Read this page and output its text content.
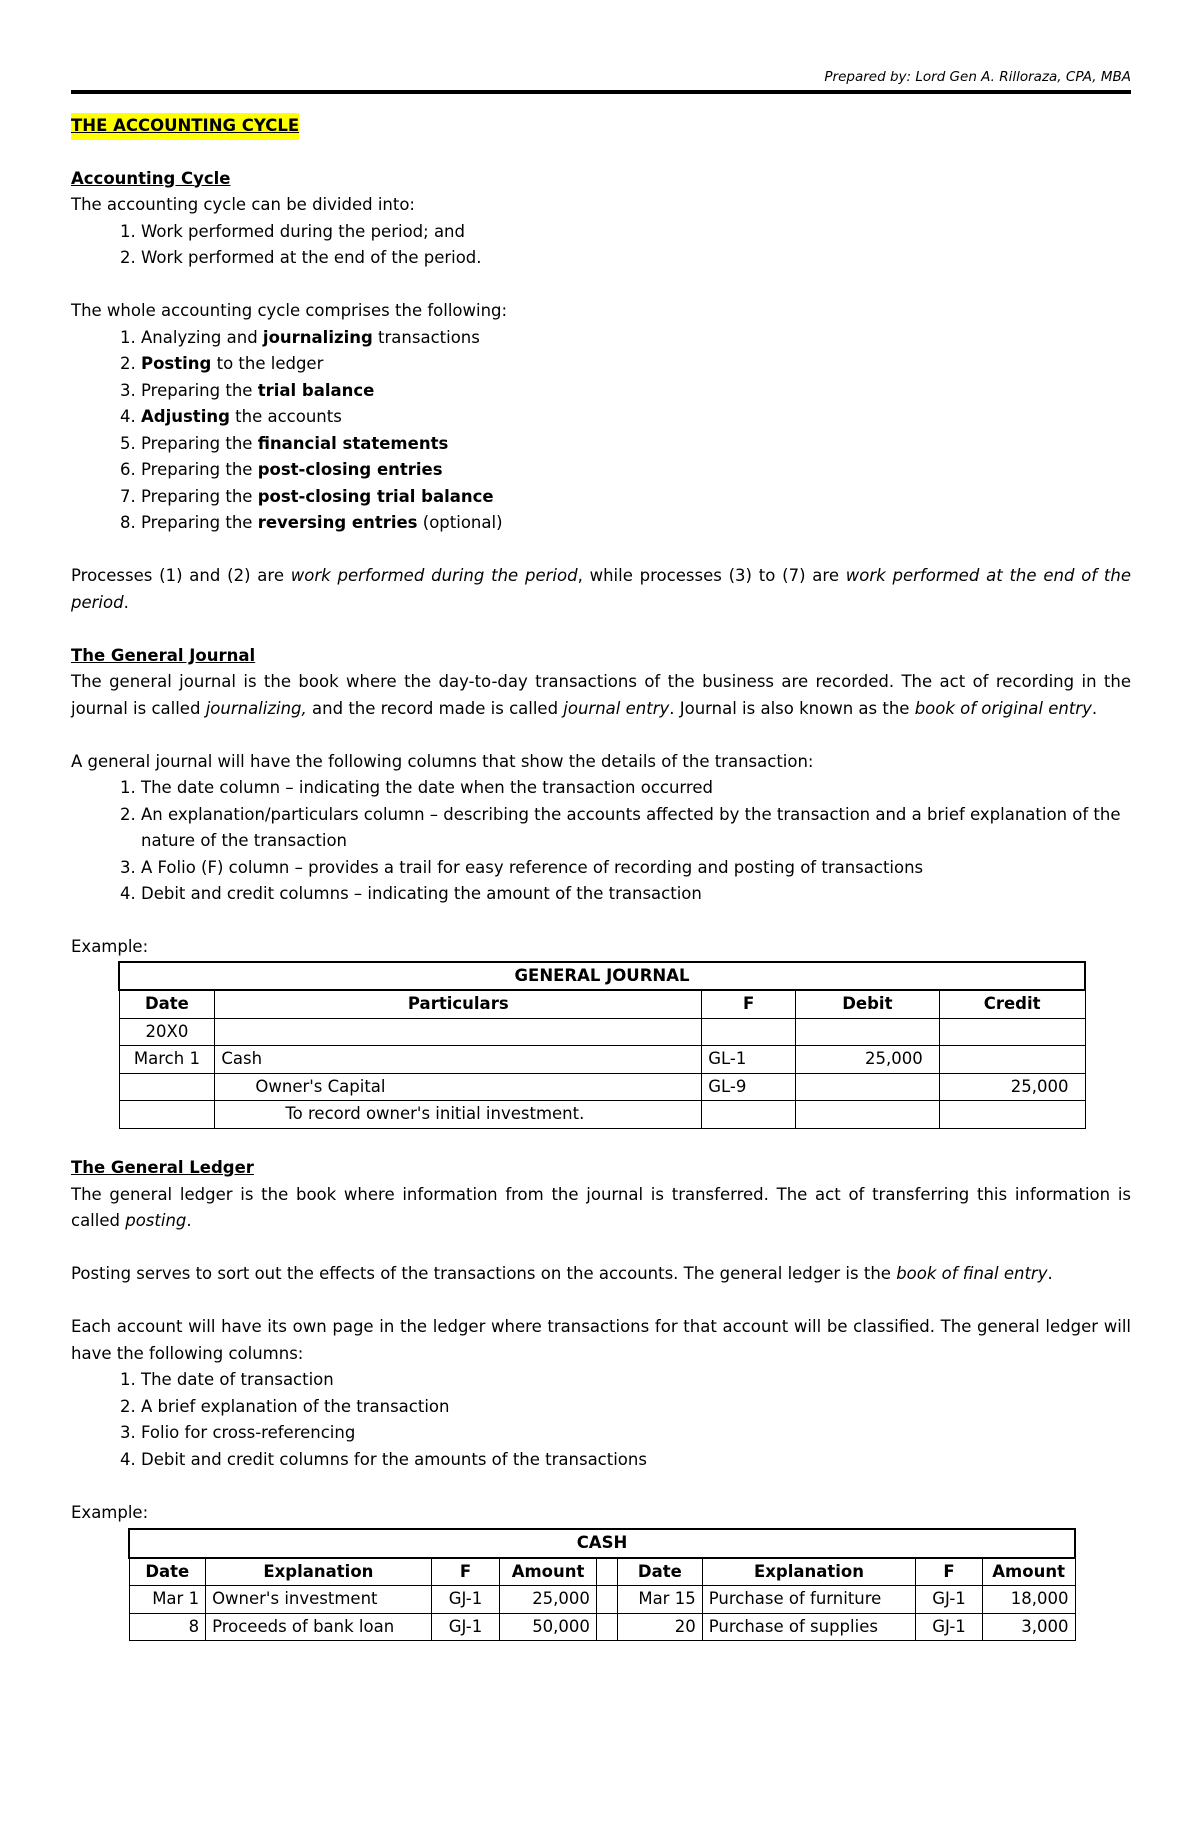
Prepared by: Lord Gen A. Rilloraza, CPA, MBA
THE ACCOUNTING CYCLE

Accounting Cycle

The accounting cycle can be divided into:

1. Work performed during the period; and
2. Work performed at the end of the period.

The whole accounting cycle comprises the following:

1. Analyzing and journalizing transactions
2. Posting to the ledger
3. Preparing the trial balance
4. Adjusting the accounts
5. Preparing the financial statements
6. Preparing the post-closing entries
7. Preparing the post-closing trial balance
8. Preparing the reversing entries (optional)

Processes (1) and (2) are work performed during the period, while processes (3) to (7) are work performed at the end of the period.

The General Journal

The general journal is the book where the day-to-day transactions of the business are recorded. The act of recording in the journal is called journalizing, and the record made is called journal entry. Journal is also known as the book of original entry.

A general journal will have the following columns that show the details of the transaction:

1. The date column – indicating the date when the transaction occurred
2. An explanation/particulars column – describing the accounts affected by the transaction and a brief explanation of the nature of the transaction
3. A Folio (F) column – provides a trail for easy reference of recording and posting of transactions
4. Debit and credit columns – indicating the amount of the transaction

Example:

GENERAL JOURNAL				
Date	Particulars	F	Debit	Credit
20X0				
March 1	Cash	GL-1	25,000	
	Owner's Capital	GL-9		25,000
	To record owner's initial investment.			

The General Ledger

The general ledger is the book where information from the journal is transferred. The act of transferring this information is called posting.

Posting serves to sort out the effects of the transactions on the accounts. The general ledger is the book of final entry.

Each account will have its own page in the ledger where transactions for that account will be classified. The general ledger will have the following columns:

1. The date of transaction
2. A brief explanation of the transaction
3. Folio for cross-referencing
4. Debit and credit columns for the amounts of the transactions

Example:

CASH								
Date	Explanation	F	Amount		Date	Explanation	F	Amount
Mar 1	Owner's investment	GJ-1	25,000		Mar 15	Purchase of furniture	GJ-1	18,000
8	Proceeds of bank loan	GJ-1	50,000		20	Purchase of supplies	GJ-1	3,000
